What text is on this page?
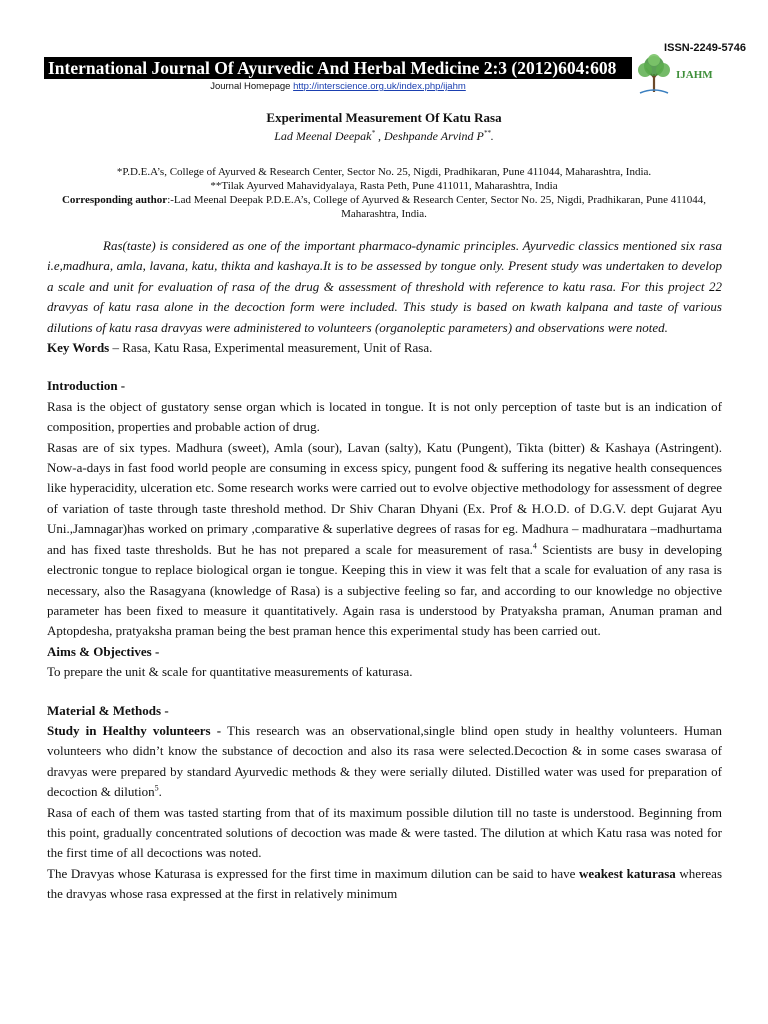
ISSN-2249-5746
International Journal Of Ayurvedic And Herbal Medicine 2:3 (2012)604:608	IJAHM
Journal Homepage http://interscience.org.uk/index.php/ijahm
Experimental Measurement Of Katu Rasa
Lad Meenal Deepak* , Deshpande Arvind P**.
*P.D.E.A’s, College of Ayurved & Research Center, Sector No. 25, Nigdi, Pradhikaran, Pune 411044, Maharashtra, India.
**Tilak Ayurved Mahavidyalaya, Rasta Peth, Pune 411011, Maharashtra, India
Corresponding author:-Lad Meenal Deepak P.D.E.A’s, College of Ayurved & Research Center, Sector No. 25, Nigdi, Pradhikaran, Pune 411044, Maharashtra, India.

Ras(taste) is considered as one of the important pharmaco-dynamic principles. Ayurvedic classics mentioned six rasa i.e,madhura, amla, lavana, katu, thikta and kashaya.It is to be assessed by tongue only. Present study was undertaken to develop a scale and unit for evaluation of rasa of the drug & assessment of threshold with reference to katu rasa. For this project 22 dravyas of katu rasa alone in the decoction form were included. This study is based on kwath kalpana and taste of various dilutions of katu rasa dravyas were administered to volunteers (organoleptic parameters) and observations were noted.

Key Words – Rasa, Katu Rasa, Experimental measurement, Unit of Rasa.

Introduction -

Rasa is the object of gustatory sense organ which is located in tongue. It is not only perception of taste but is an indication of composition, properties and probable action of drug.

Rasas are of six types. Madhura (sweet), Amla (sour), Lavan (salty), Katu (Pungent), Tikta (bitter) & Kashaya (Astringent). Now-a-days in fast food world people are consuming in excess spicy, pungent food & suffering its negative health consequences like hyperacidity, ulceration etc. Some research works were carried out to evolve objective methodology for assessment of degree of variation of taste through taste threshold method. Dr Shiv Charan Dhyani (Ex. Prof & H.O.D. of D.G.V. dept Gujarat Ayu Uni.,Jamnagar)has worked on primary ,comparative & superlative degrees of rasas for eg. Madhura – madhuratara –madhurtama and has fixed taste thresholds. But he has not prepared a scale for measurement of rasa.$^4$ Scientists are busy in developing electronic tongue to replace biological organ ie tongue. Keeping this in view it was felt that a scale for evaluation of any rasa is necessary, also the Rasagyana (knowledge of Rasa) is a subjective feeling so far, and according to our knowledge no objective parameter has been fixed to measure it quantitatively. Again rasa is understood by Pratyaksha praman, Anuman praman and Aptopdesha, pratyaksha praman being the best praman hence this experimental study has been carried out.

Aims & Objectives -

To prepare the unit & scale for quantitative measurements of katurasa.

Material & Methods -

Study in Healthy volunteers - This research was an observational,single blind open study in healthy volunteers. Human volunteers who didn’t know the substance of decoction and also its rasa were selected.Decoction & in some cases swarasa of dravyas were prepared by standard Ayurvedic methods & they were serially diluted. Distilled water was used for preparation of decoction & dilution$^5$.

Rasa of each of them was tasted starting from that of its maximum possible dilution till no taste is understood. Beginning from this point, gradually concentrated solutions of decoction was made & were tasted. The dilution at which Katu rasa was noted for the first time of all decoctions was noted.

The Dravyas whose Katurasa is expressed for the first time in maximum dilution can be said to have weakest katurasa whereas the dravyas whose rasa expressed at the first in relatively minimum
